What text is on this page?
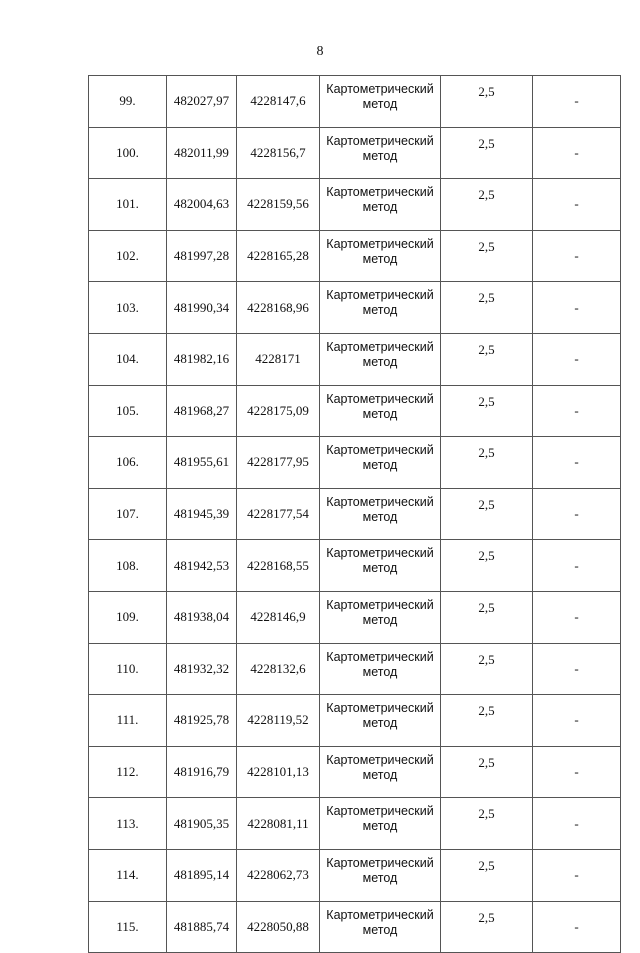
8
99.	482027,97	4228147,6	Картометрический
метод	2,5	-
100.	482011,99	4228156,7	Картометрический
метод	2,5	-
101.	482004,63	4228159,56	Картометрический
метод	2,5	-
102.	481997,28	4228165,28	Картометрический
метод	2,5	-
103.	481990,34	4228168,96	Картометрический
метод	2,5	-
104.	481982,16	4228171	Картометрический
метод	2,5	-
105.	481968,27	4228175,09	Картометрический
метод	2,5	-
106.	481955,61	4228177,95	Картометрический
метод	2,5	-
107.	481945,39	4228177,54	Картометрический
метод	2,5	-
108.	481942,53	4228168,55	Картометрический
метод	2,5	-
109.	481938,04	4228146,9	Картометрический
метод	2,5	-
110.	481932,32	4228132,6	Картометрический
метод	2,5	-
111.	481925,78	4228119,52	Картометрический
метод	2,5	-
112.	481916,79	4228101,13	Картометрический
метод	2,5	-
113.	481905,35	4228081,11	Картометрический
метод	2,5	-
114.	481895,14	4228062,73	Картометрический
метод	2,5	-
115.	481885,74	4228050,88	Картометрический
метод	2,5	-
